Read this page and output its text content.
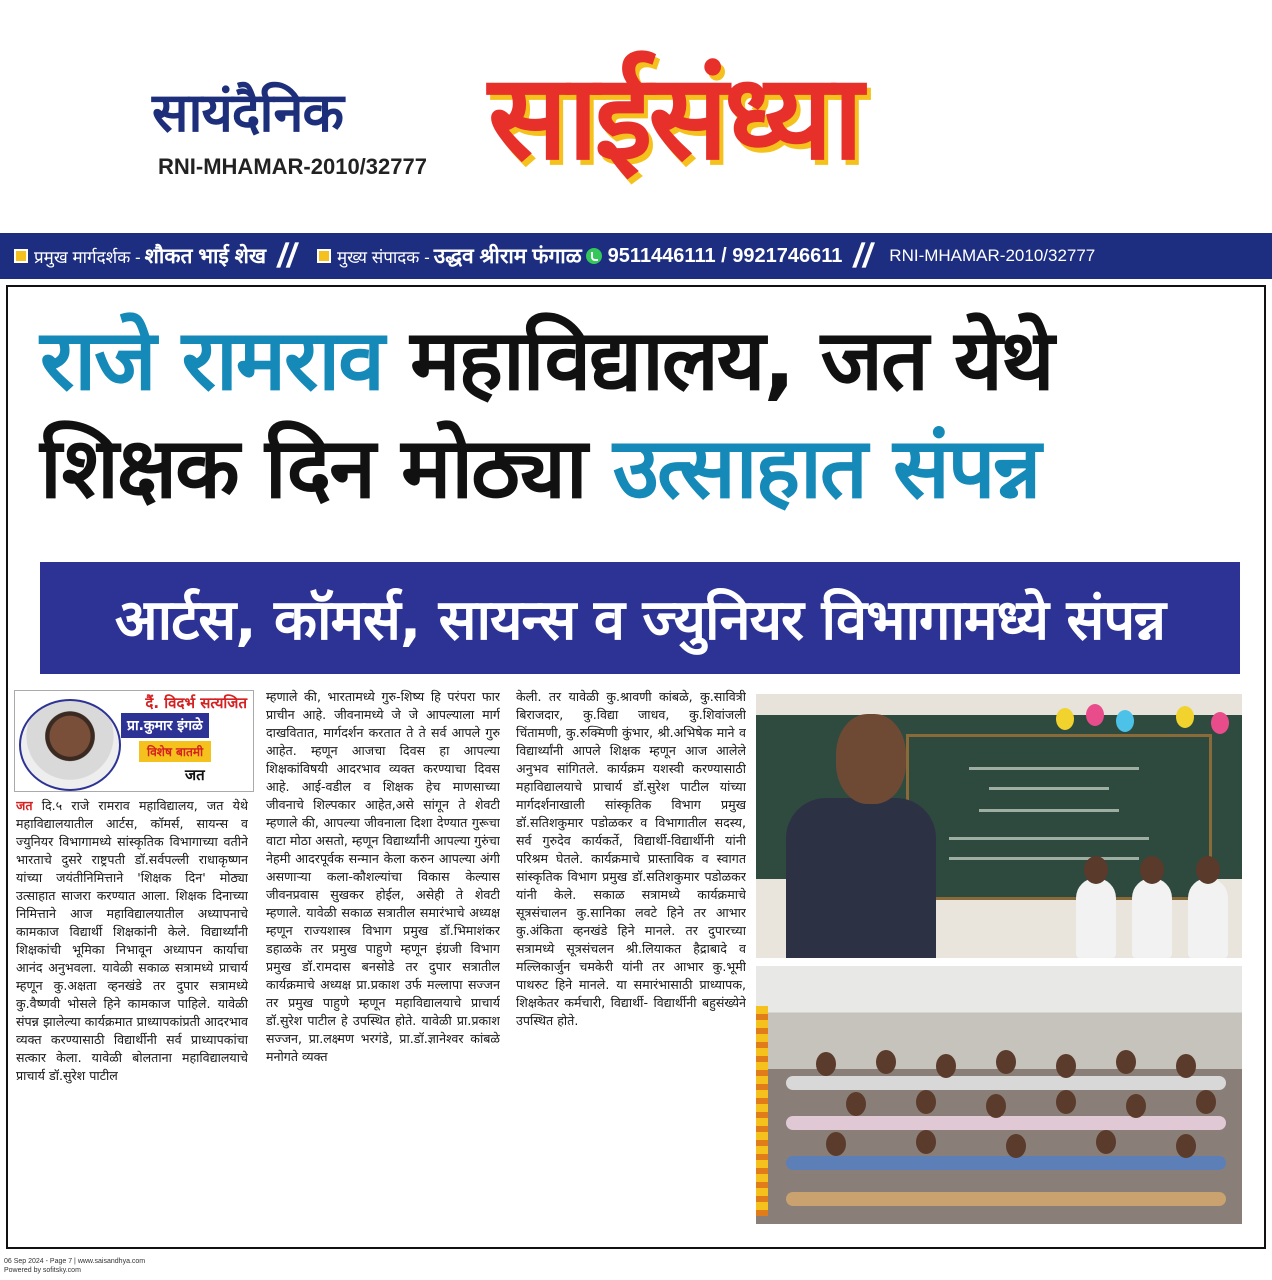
सायंदैनिक
RNI-MHAMAR-2010/32777 साईसंध्या
प्रमुख मार्गदर्शक - शौकत भाई शेख // मुख्य संपादक - उद्धव श्रीराम फंगाळ 9511446111 / 9921746611 // RNI-MHAMAR-2010/32777
राजे रामराव महाविद्यालय, जत येथे
शिक्षक दिन मोठ्या उत्साहात संपन्न
आर्टस, कॉमर्स, सायन्स व ज्युनियर विभागामध्ये संपन्न
दैं. विदर्भ सत्यजित
प्रा.कुमार इंगळे
विशेष बातमी
जत
जत दि.५ राजे रामराव महाविद्यालय, जत येथे महाविद्यालयातील आर्टस, कॉमर्स, सायन्स व ज्युनियर विभागामध्ये सांस्कृतिक विभागाच्या वतीने भारताचे दुसरे राष्ट्रपती डॉ.सर्वपल्ली राधाकृष्णन यांच्या जयंतीनिमित्ताने 'शिक्षक दिन' मोठ्या उत्साहात साजरा करण्यात आला. शिक्षक दिनाच्या निमित्ताने आज महाविद्यालयातील अध्यापनाचे कामकाज विद्यार्थी शिक्षकांनी केले. विद्यार्थ्यांनी शिक्षकांची भूमिका निभावून अध्यापन कार्याचा आनंद अनुभवला. यावेळी सकाळ सत्रामध्ये प्राचार्य म्हणून कु.अक्षता व्हनखंडे तर दुपार सत्रामध्ये कु.वैष्णवी भोसले हिने कामकाज पाहिले. यावेळी संपन्न झालेल्या कार्यक्रमात प्राध्यापकांप्रती आदरभाव व्यक्त करण्यासाठी विद्यार्थीनी सर्व प्राध्यापकांचा सत्कार केला. यावेळी बोलताना महाविद्यालयाचे प्राचार्य डॉ.सुरेश पाटील
म्हणाले की, भारतामध्ये गुरु-शिष्य हि परंपरा फार प्राचीन आहे. जीवनामध्ये जे जे आपल्याला मार्ग दाखवितात, मार्गदर्शन करतात ते ते सर्व आपले गुरु आहेत. म्हणून आजचा दिवस हा आपल्या शिक्षकांविषयी आदरभाव व्यक्त करण्याचा दिवस आहे. आई-वडील व शिक्षक हेच माणसाच्या जीवनाचे शिल्पकार आहेत,असे सांगून ते शेवटी म्हणाले की, आपल्या जीवनाला दिशा देण्यात गुरूचा वाटा मोठा असतो, म्हणून विद्यार्थ्यांनी आपल्या गुरुंचा नेहमी आदरपूर्वक सन्मान केला करुन आपल्या अंगी असणाऱ्या कला-कौशल्यांचा विकास केल्यास जीवनप्रवास सुखकर होईल, असेही ते शेवटी म्हणाले. यावेळी सकाळ सत्रातील समारंभाचे अध्यक्ष म्हणून राज्यशास्त्र विभाग प्रमुख डॉ.भिमाशंकर डहाळके तर प्रमुख पाहुणे म्हणून इंग्रजी विभाग प्रमुख डॉ.रामदास बनसोडे तर दुपार सत्रातील कार्यक्रमाचे अध्यक्ष प्रा.प्रकाश उर्फ मल्लापा सज्जन तर प्रमुख पाहुणे म्हणून महाविद्यालयाचे प्राचार्य डॉ.सुरेश पाटील हे उपस्थित होते. यावेळी प्रा.प्रकाश सज्जन, प्रा.लक्ष्मण भरगंडे, प्रा.डॉ.ज्ञानेश्वर कांबळे मनोगते व्यक्त
केली. तर यावेळी कु.श्रावणी कांबळे, कु.सावित्री बिराजदार, कु.विद्या जाधव, कु.शिवांजली चिंतामणी, कु.रुक्मिणी कुंभार, श्री.अभिषेक माने व विद्यार्थ्यांनी आपले शिक्षक म्हणून आज आलेले अनुभव सांगितले. कार्यक्रम यशस्वी करण्यासाठी महाविद्यालयाचे प्राचार्य डॉ.सुरेश पाटील यांच्या मार्गदर्शनाखाली सांस्कृतिक विभाग प्रमुख डॉ.सतिशकुमार पडोळकर व विभागातील सदस्य, सर्व गुरुदेव कार्यकर्ते, विद्यार्थी-विद्यार्थीनी यांनी परिश्रम घेतले. कार्यक्रमाचे प्रास्ताविक व स्वागत सांस्कृतिक विभाग प्रमुख डॉ.सतिशकुमार पडोळकर यांनी केले. सकाळ सत्रामध्ये कार्यक्रमाचे सूत्रसंचालन कु.सानिका लवटे हिने तर आभार कु.अंकिता व्हनखंडे हिने मानले. तर दुपारच्या सत्रामध्ये सूत्रसंचलन श्री.लियाकत हैद्राबादे व मल्लिकार्जुन चमकेरी यांनी तर आभार कु.भूमी पाथरुट हिने मानले. या समारंभासाठी प्राध्यापक, शिक्षकेतर कर्मचारी, विद्यार्थी- विद्यार्थीनी बहुसंख्येने उपस्थित होते.
06 Sep 2024 - Page 7 | www.saisandhya.com
Powered by sofitsky.com
